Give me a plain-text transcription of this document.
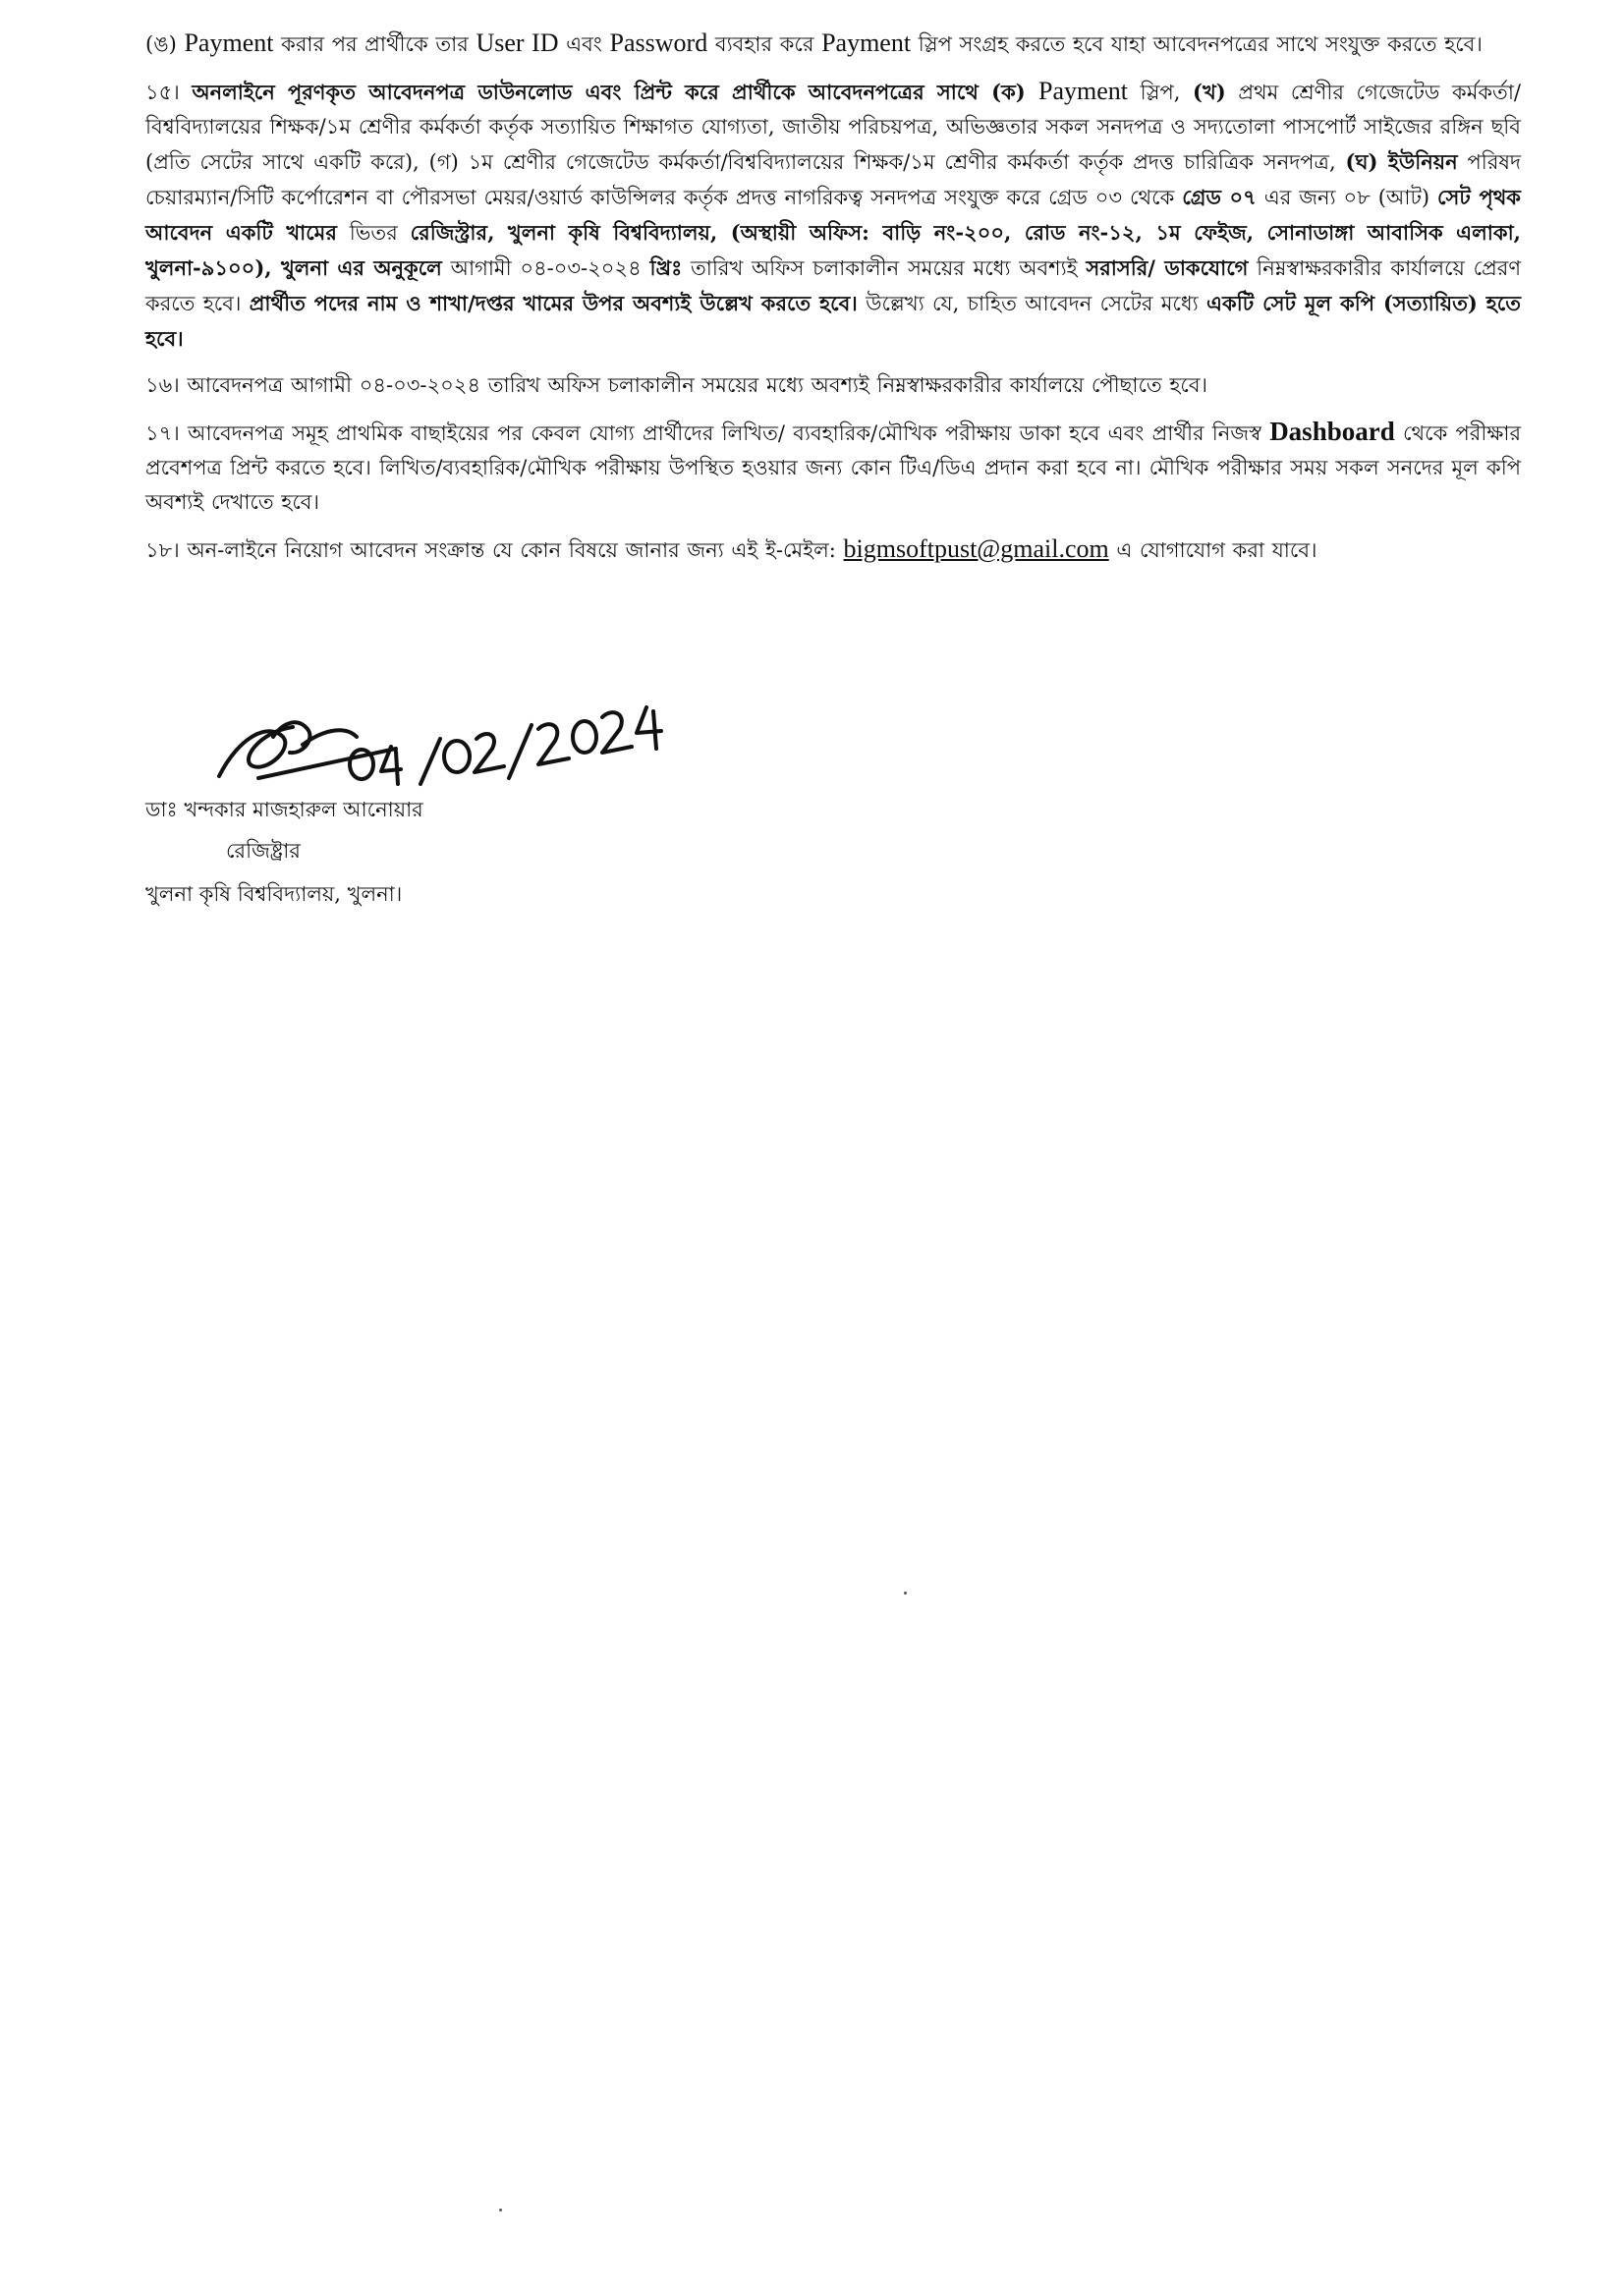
(ঙ) Payment করার পর প্রার্থীকে তার User ID এবং Password ব্যবহার করে Payment স্লিপ সংগ্রহ করতে হবে যাহা আবেদনপত্রের সাথে সংযুক্ত করতে হবে।

১৫। অনলাইনে পূরণকৃত আবেদনপত্র ডাউনলোড এবং প্রিন্ট করে প্রার্থীকে আবেদনপত্রের সাথে (ক) Payment স্লিপ, (খ) প্রথম শ্রেণীর গেজেটেড কর্মকর্তা/বিশ্ববিদ্যালয়ের শিক্ষক/১ম শ্রেণীর কর্মকর্তা কর্তৃক সত্যায়িত শিক্ষাগত যোগ্যতা, জাতীয় পরিচয়পত্র, অভিজ্ঞতার সকল সনদপত্র ও সদ্যতোলা পাসপোর্ট সাইজের রঙ্গিন ছবি (প্রতি সেটের সাথে একটি করে), (গ) ১ম শ্রেণীর গেজেটেড কর্মকর্তা/বিশ্ববিদ্যালয়ের শিক্ষক/১ম শ্রেণীর কর্মকর্তা কর্তৃক প্রদত্ত চারিত্রিক সনদপত্র, (ঘ) ইউনিয়ন পরিষদ চেয়ারম্যান/সিটি কর্পোরেশন বা পৌরসভা মেয়র/ওয়ার্ড কাউন্সিলর কর্তৃক প্রদত্ত নাগরিকত্ব সনদপত্র সংযুক্ত করে গ্রেড ০৩ থেকে গ্রেড ০৭ এর জন্য ০৮ (আট) সেট পৃথক আবেদন একটি খামের ভিতর রেজিস্ট্রার, খুলনা কৃষি বিশ্ববিদ্যালয়, (অস্থায়ী অফিস: বাড়ি নং-২০০, রোড নং-১২, ১ম ফেইজ, সোনাডাঙ্গা আবাসিক এলাকা, খুলনা-৯১০০), খুলনা এর অনুকূলে আগামী ০৪-০৩-২০২৪ খ্রিঃ তারিখ অফিস চলাকালীন সময়ের মধ্যে অবশ্যই সরাসরি/ ডাকযোগে নিম্নস্বাক্ষরকারীর কার্যালয়ে প্রেরণ করতে হবে। প্রার্থীত পদের নাম ও শাখা/দপ্তর খামের উপর অবশ্যই উল্লেখ করতে হবে। উল্লেখ্য যে, চাহিত আবেদন সেটের মধ্যে একটি সেট মূল কপি (সত্যায়িত) হতে হবে।

১৬। আবেদনপত্র আগামী ০৪-০৩-২০২৪ তারিখ অফিস চলাকালীন সময়ের মধ্যে অবশ্যই নিম্নস্বাক্ষরকারীর কার্যালয়ে পৌছাতে হবে।

১৭। আবেদনপত্র সমূহ প্রাথমিক বাছাইয়ের পর কেবল যোগ্য প্রার্থীদের লিখিত/ ব্যবহারিক/মৌখিক পরীক্ষায় ডাকা হবে এবং প্রার্থীর নিজস্ব Dashboard থেকে পরীক্ষার প্রবেশপত্র প্রিন্ট করতে হবে। লিখিত/ব্যবহারিক/মৌখিক পরীক্ষায় উপস্থিত হওয়ার জন্য কোন টিএ/ডিএ প্রদান করা হবে না। মৌখিক পরীক্ষার সময় সকল সনদের মূল কপি অবশ্যই দেখাতে হবে।

১৮। অন-লাইনে নিয়োগ আবেদন সংক্রান্ত যে কোন বিষয়ে জানার জন্য এই ই-মেইল: bigmsoftpust@gmail.com এ যোগাযোগ করা যাবে।

ডাঃ খন্দকার মাজহারুল আনোয়ার
রেজিষ্ট্রার
খুলনা কৃষি বিশ্ববিদ্যালয়, খুলনা।
